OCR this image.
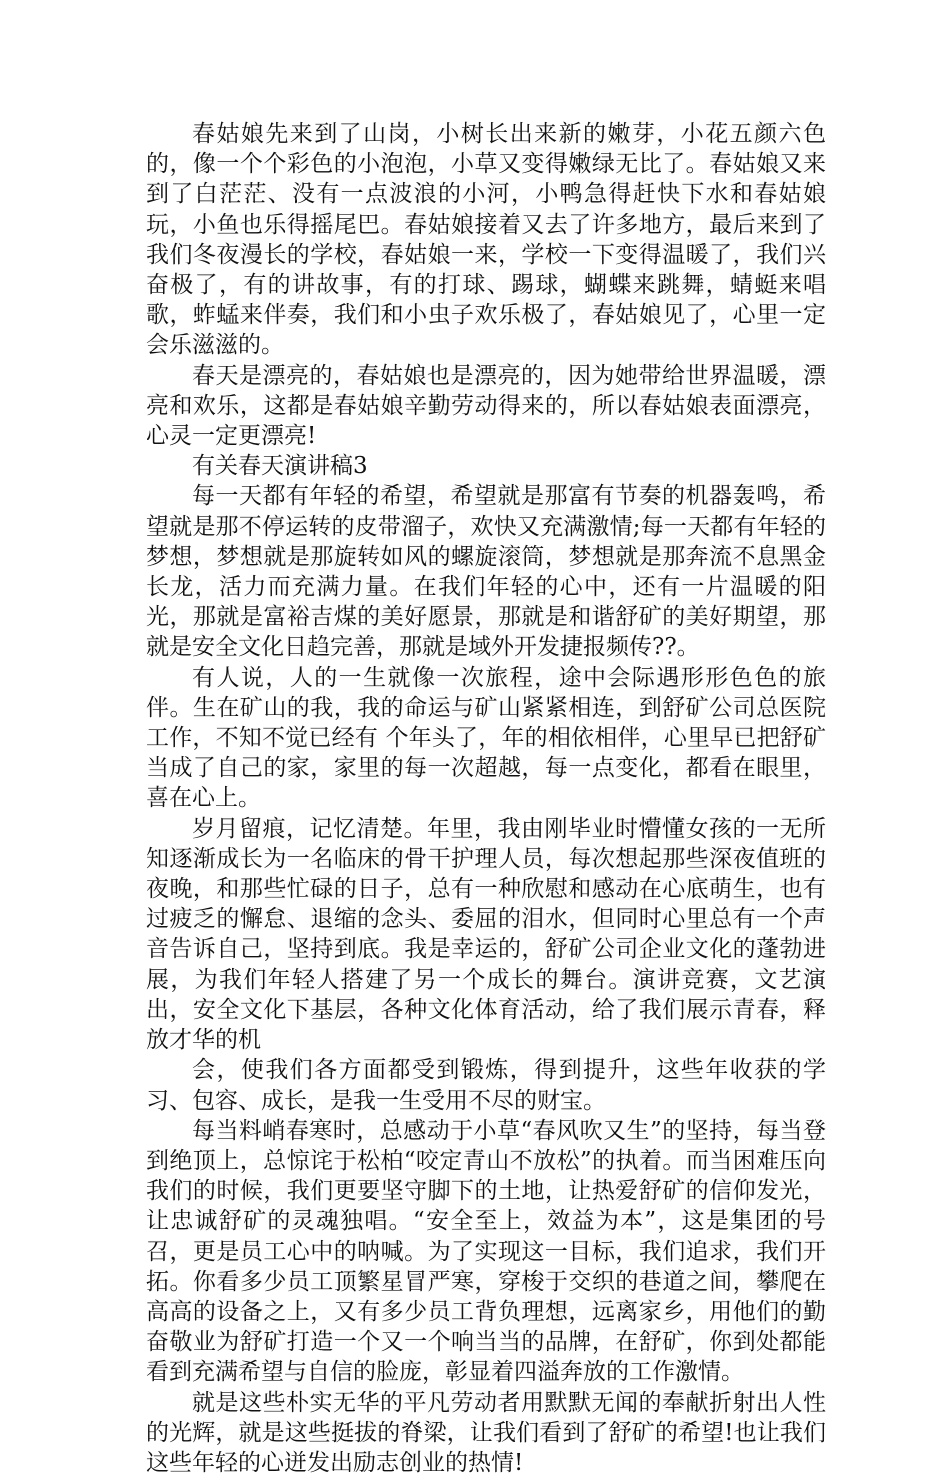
春姑娘先来到了山岗，小树长出来新的嫩芽，小花五颜六色的，像一个个彩色的小泡泡，小草又变得嫩绿无比了。春姑娘又来到了白茫茫、没有一点波浪的小河，小鸭急得赶快下水和春姑娘玩，小鱼也乐得摇尾巴。春姑娘接着又去了许多地方，最后来到了我们冬夜漫长的学校，春姑娘一来，学校一下变得温暖了，我们兴奋极了，有的讲故事，有的打球、踢球，蝴蝶来跳舞，蜻蜓来唱歌，蚱蜢来伴奏，我们和小虫子欢乐极了，春姑娘见了，心里一定会乐滋滋的。

春天是漂亮的，春姑娘也是漂亮的，因为她带给世界温暖，漂亮和欢乐，这都是春姑娘辛勤劳动得来的，所以春姑娘表面漂亮，心灵一定更漂亮!

有关春天演讲稿3

每一天都有年轻的希望，希望就是那富有节奏的机器轰鸣，希望就是那不停运转的皮带溜子，欢快又充满激情;每一天都有年轻的梦想，梦想就是那旋转如风的螺旋滚筒，梦想就是那奔流不息黑金长龙，活力而充满力量。在我们年轻的心中，还有一片温暖的阳光，那就是富裕吉煤的美好愿景，那就是和谐舒矿的美好期望，那就是安全文化日趋完善，那就是域外开发捷报频传??。

有人说，人的一生就像一次旅程，途中会际遇形形色色的旅伴。生在矿山的我，我的命运与矿山紧紧相连，到舒矿公司总医院工作，不知不觉已经有 个年头了，年的相依相伴，心里早已把舒矿当成了自己的家，家里的每一次超越，每一点变化，都看在眼里，喜在心上。

岁月留痕，记忆清楚。年里，我由刚毕业时懵懂女孩的一无所知逐渐成长为一名临床的骨干护理人员，每次想起那些深夜值班的夜晚，和那些忙碌的日子，总有一种欣慰和感动在心底萌生，也有过疲乏的懈怠、退缩的念头、委屈的泪水，但同时心里总有一个声音告诉自己，坚持到底。我是幸运的，舒矿公司企业文化的蓬勃进展，为我们年轻人搭建了另一个成长的舞台。演讲竞赛，文艺演出，安全文化下基层，各种文化体育活动，给了我们展示青春，释放才华的机

会，使我们各方面都受到锻炼，得到提升，这些年收获的学习、包容、成长，是我一生受用不尽的财宝。

每当料峭春寒时，总感动于小草“春风吹又生”的坚持，每当登到绝顶上，总惊诧于松柏“咬定青山不放松”的执着。而当困难压向我们的时候，我们更要坚守脚下的土地，让热爱舒矿的信仰发光，让忠诚舒矿的灵魂独唱。“安全至上，效益为本”，这是集团的号召，更是员工心中的呐喊。为了实现这一目标，我们追求，我们开拓。你看多少员工顶繁星冒严寒，穿梭于交织的巷道之间，攀爬在高高的设备之上，又有多少员工背负理想，远离家乡，用他们的勤奋敬业为舒矿打造一个又一个响当当的品牌，在舒矿，你到处都能看到充满希望与自信的脸庞，彰显着四溢奔放的工作激情。

就是这些朴实无华的平凡劳动者用默默无闻的奉献折射出人性的光辉，就是这些挺拔的脊梁，让我们看到了舒矿的希望!也让我们这些年轻的心迸发出励志创业的热情!
